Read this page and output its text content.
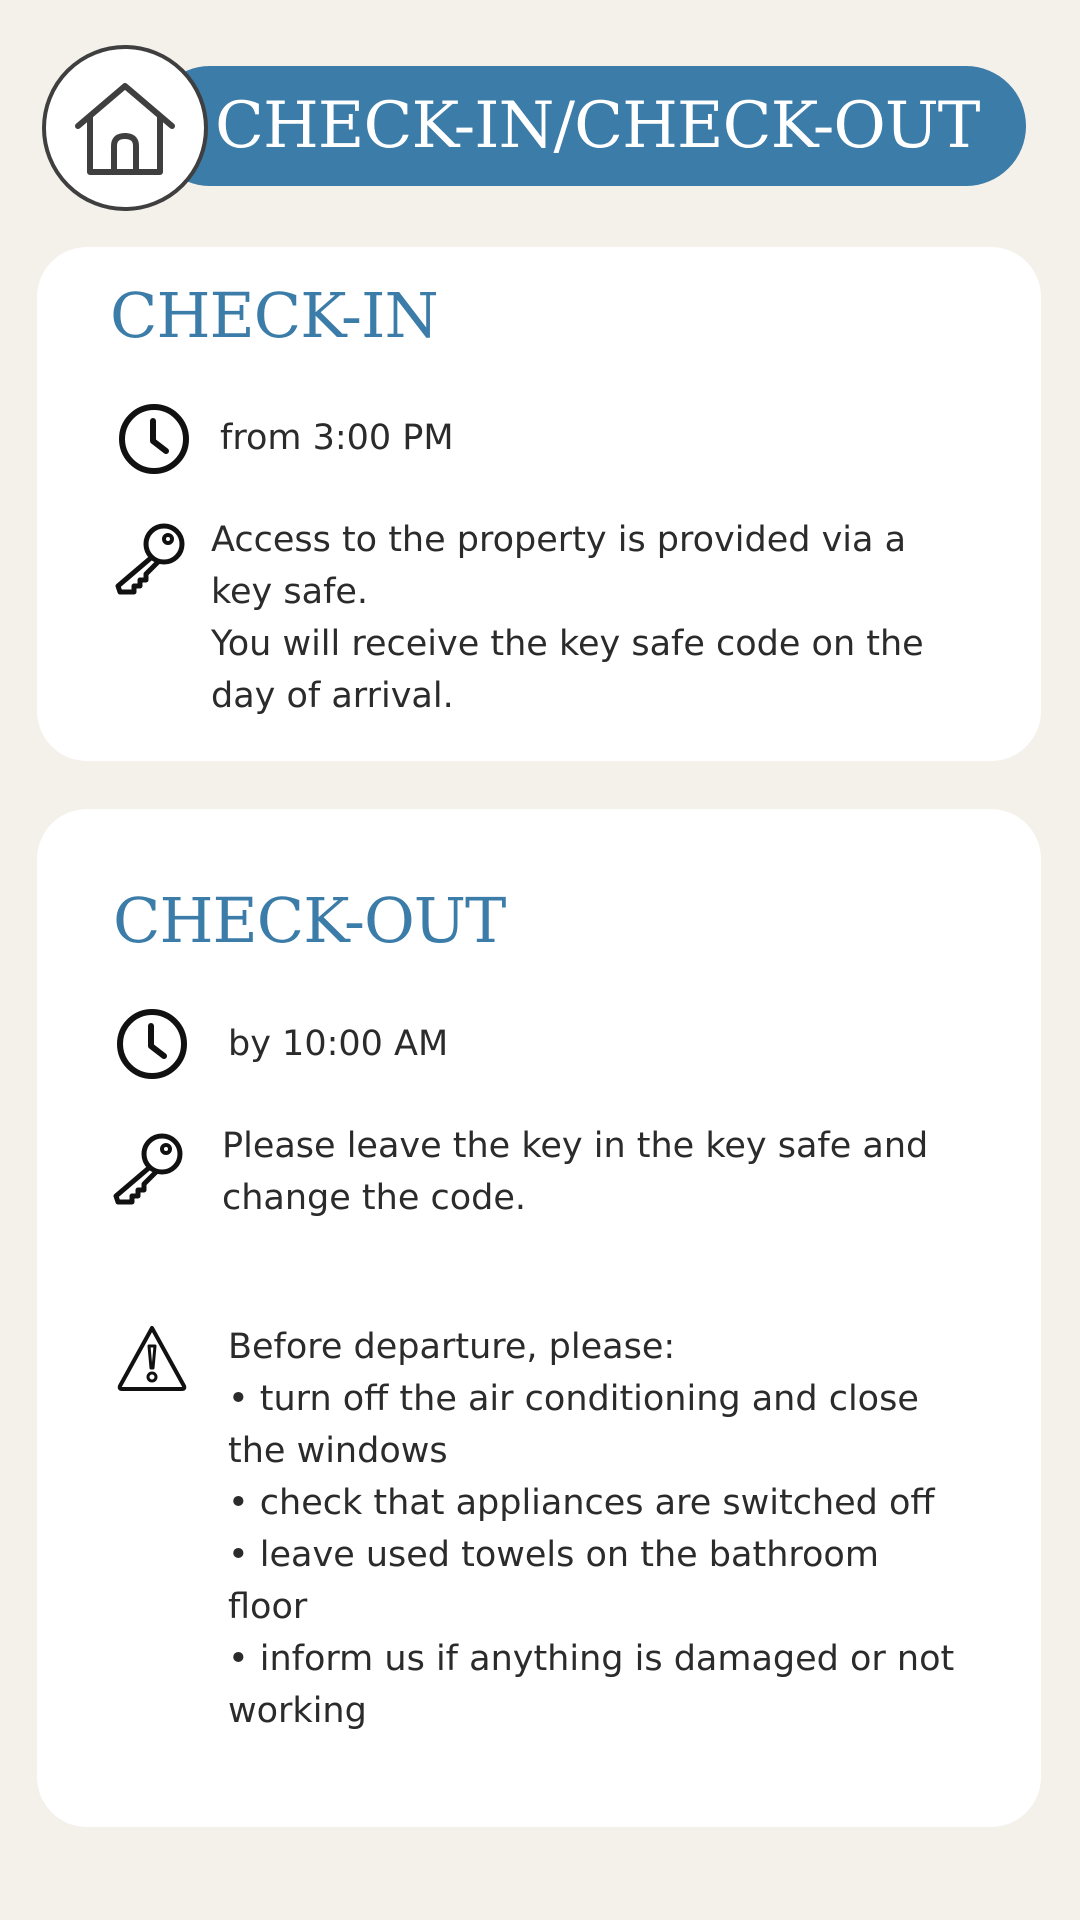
CHECK-IN/CHECK-OUT
CHECK-IN
from 3:00 PM
Access to the property is provided via a
key safe.
You will receive the key safe code on the
day of arrival.
CHECK-OUT
by 10:00 AM
Please leave the key in the key safe and
change the code.
Before departure, please:
• turn off the air conditioning and close
the windows
• check that appliances are switched off
• leave used towels on the bathroom
floor
• inform us if anything is damaged or not
working
